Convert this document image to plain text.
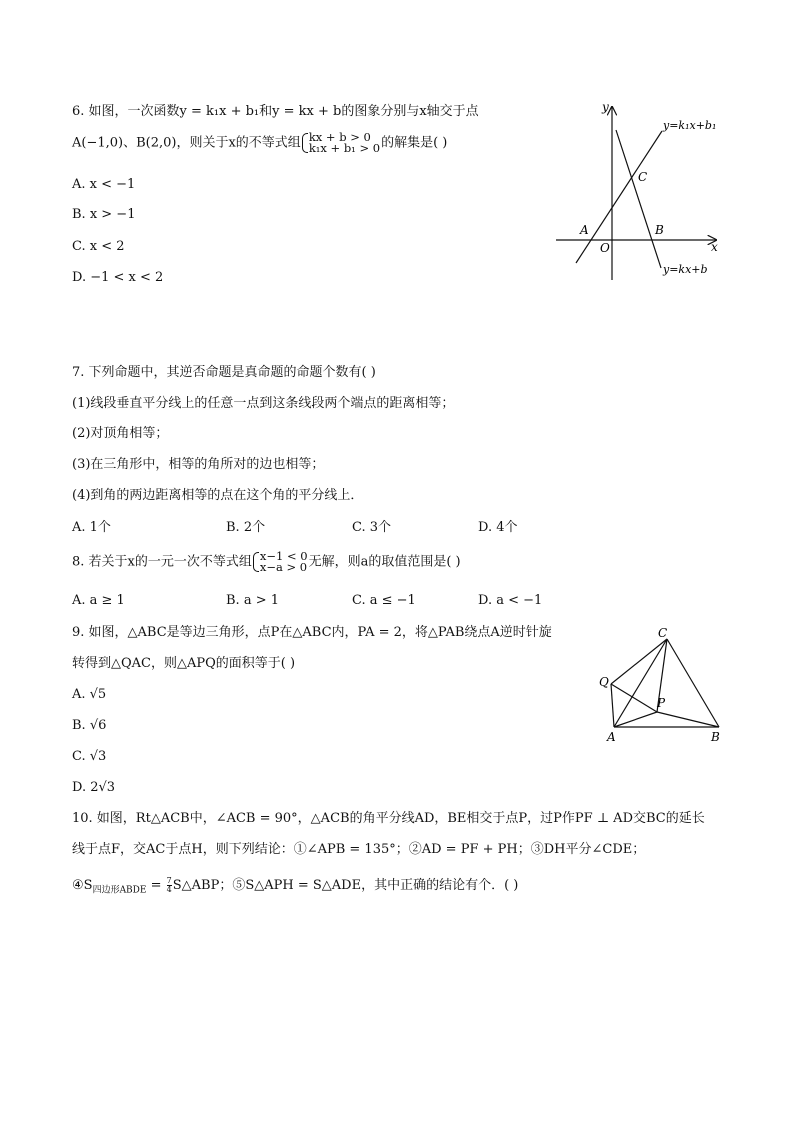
6. 如图，一次函数y = k₁x + b₁和y = kx + b的图象分别与x轴交于点
A(−1,0)、B(2,0)，则关于x的不等式组 kx + b > 0
k₁x + b₁ > 0 的解集是( )
A. x < −1
B. x > −1
C. x < 2
D. −1 < x < 2
y
x
O
A	B
C
y=k₁x+b₁
y=kx+b
7. 下列命题中，其逆否命题是真命题的命题个数有( )
(1)线段垂直平分线上的任意一点到这条线段两个端点的距离相等；
(2)对顶角相等；
(3)在三角形中，相等的角所对的边也相等；
(4)到角的两边距离相等的点在这个角的平分线上．
A. 1个	B. 2个	C. 3个	D. 4个
8. 若关于x的一元一次不等式组 x−1 < 0
x−a > 0 无解，则a的取值范围是( )
A. a ≥ 1	B. a > 1	C. a ≤ −1	D. a < −1
9. 如图，△ABC是等边三角形，点P在△ABC内，PA = 2，将△PAB绕点A逆时针旋
转得到△QAC，则△APQ的面积等于( )
A. √5
B. √6
C. √3
D. 2√3
A	B
C
P
Q
10. 如图，Rt△ACB中，∠ACB = 90°，△ACB的角平分线AD，BE相交于点P，过P作PF ⊥ AD交BC的延长
线于点F，交AC于点H，则下列结论：①∠APB = 135°；②AD = PF + PH；③DH平分∠CDE；
$④S_{四边形ABDE} = \frac{7}{4}$ S△ABP；⑤S△APH = S△ADE，其中正确的结论有个．( )
